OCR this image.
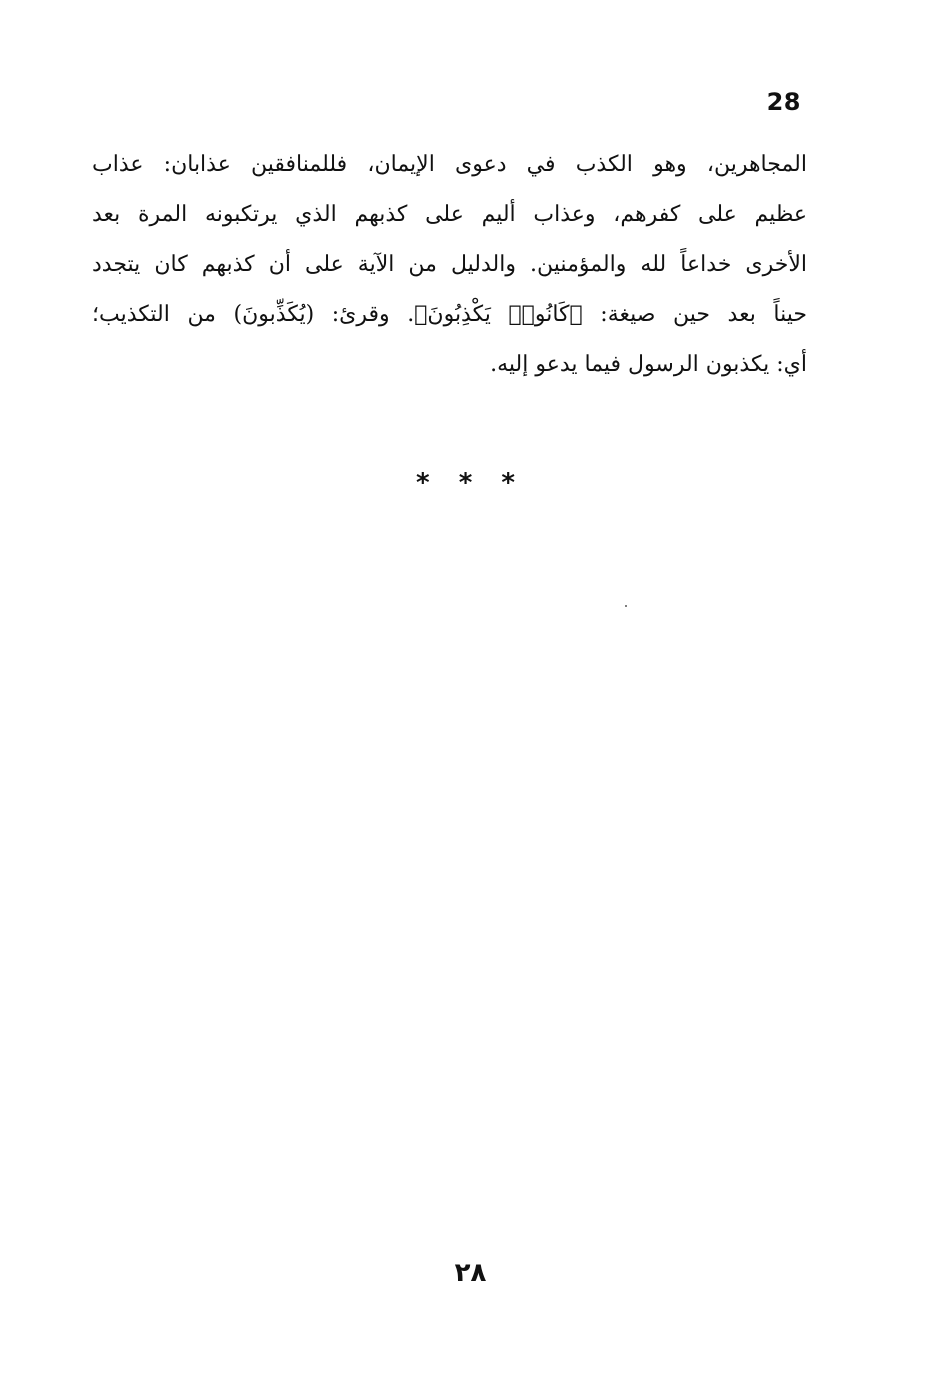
28
المجاهرين، وهو الكذب في دعوى الإيمان، فللمنافقين عذابان: عذاب
عظيم على كفرهم، وعذاب أليم على كذبهم الذي يرتكبونه المرة بعد
الأخرى خداعاً لله والمؤمنين. والدليل من الآية على أن كذبهم كان يتجدد
حيناً بعد حين صيغة: ﴿كَانُوا۟ يَكْذِبُونَ﴾. وقرئ: (يُكَذِّبونَ) من التكذيب؛
أي: يكذبون الرسول فيما يدعو إليه.
* * *
٢٨
